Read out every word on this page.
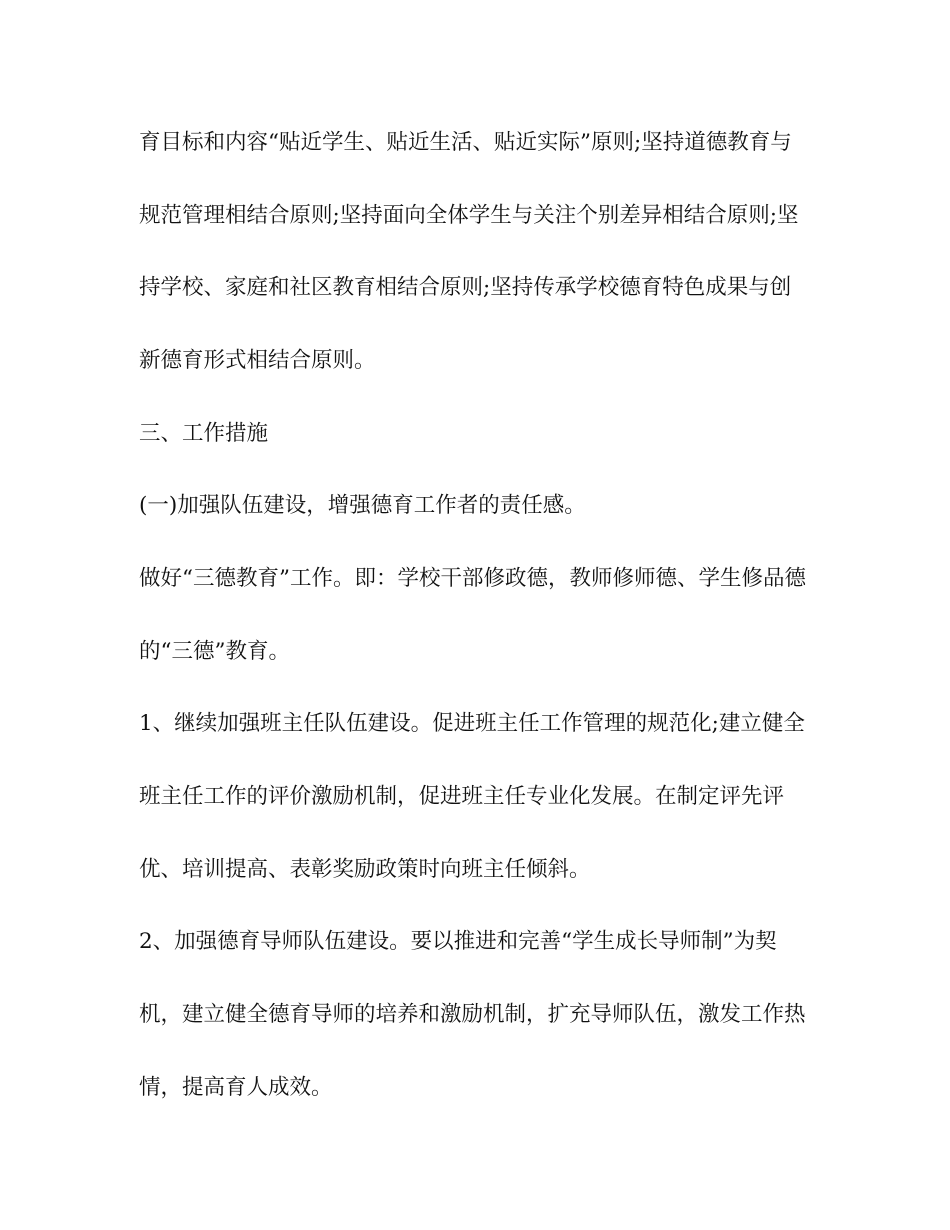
育目标和内容“贴近学生、贴近生活、贴近实际”原则;坚持道德教育与
规范管理相结合原则;坚持面向全体学生与关注个别差异相结合原则;坚
持学校、家庭和社区教育相结合原则;坚持传承学校德育特色成果与创
新德育形式相结合原则。
三、工作措施
(一)加强队伍建设，增强德育工作者的责任感。
做好“三德教育”工作。即：学校干部修政德，教师修师德、学生修品德
的“三德”教育。
1、继续加强班主任队伍建设。促进班主任工作管理的规范化;建立健全
班主任工作的评价激励机制，促进班主任专业化发展。在制定评先评
优、培训提高、表彰奖励政策时向班主任倾斜。
2、加强德育导师队伍建设。要以推进和完善“学生成长导师制”为契
机，建立健全德育导师的培养和激励机制，扩充导师队伍，激发工作热
情，提高育人成效。
